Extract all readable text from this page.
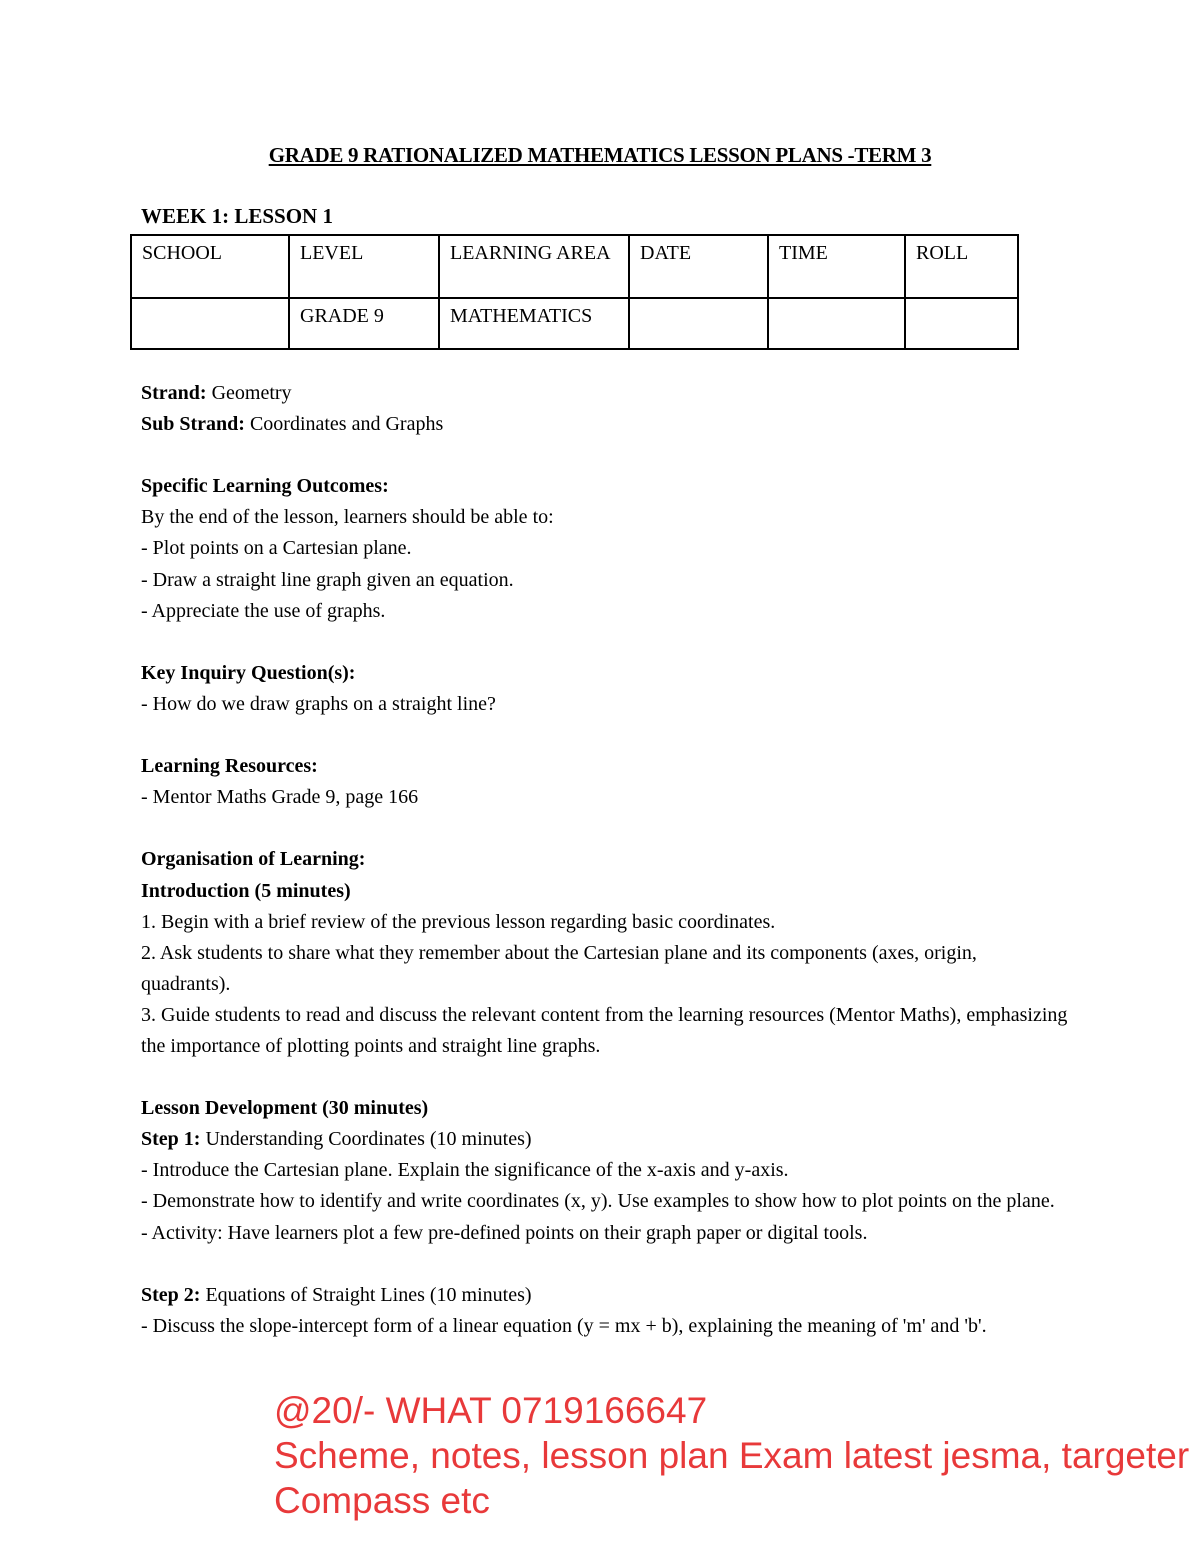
GRADE 9 RATIONALIZED MATHEMATICS LESSON PLANS -TERM 3
WEEK 1: LESSON 1
SCHOOL	LEVEL	LEARNING AREA	DATE	TIME	ROLL
	GRADE 9	MATHEMATICS			

Strand: Geometry

Sub Strand: Coordinates and Graphs

Specific Learning Outcomes:

By the end of the lesson, learners should be able to:

- Plot points on a Cartesian plane.

- Draw a straight line graph given an equation.

- Appreciate the use of graphs.

Key Inquiry Question(s):

- How do we draw graphs on a straight line?

Learning Resources:

- Mentor Maths Grade 9, page 166

Organisation of Learning:

Introduction (5 minutes)

1. Begin with a brief review of the previous lesson regarding basic coordinates.

2. Ask students to share what they remember about the Cartesian plane and its components (axes, origin, quadrants).

3. Guide students to read and discuss the relevant content from the learning resources (Mentor Maths), emphasizing the importance of plotting points and straight line graphs.

Lesson Development (30 minutes)

Step 1: Understanding Coordinates (10 minutes)

- Introduce the Cartesian plane. Explain the significance of the x-axis and y-axis.

- Demonstrate how to identify and write coordinates (x, y). Use examples to show how to plot points on the plane.

- Activity: Have learners plot a few pre-defined points on their graph paper or digital tools.

Step 2: Equations of Straight Lines (10 minutes)

- Discuss the slope-intercept form of a linear equation (y = mx + b), explaining the meaning of 'm' and 'b'.

@20/- WHAT 0719166647
Scheme, notes, lesson plan Exam latest jesma, targeter
Compass etc
